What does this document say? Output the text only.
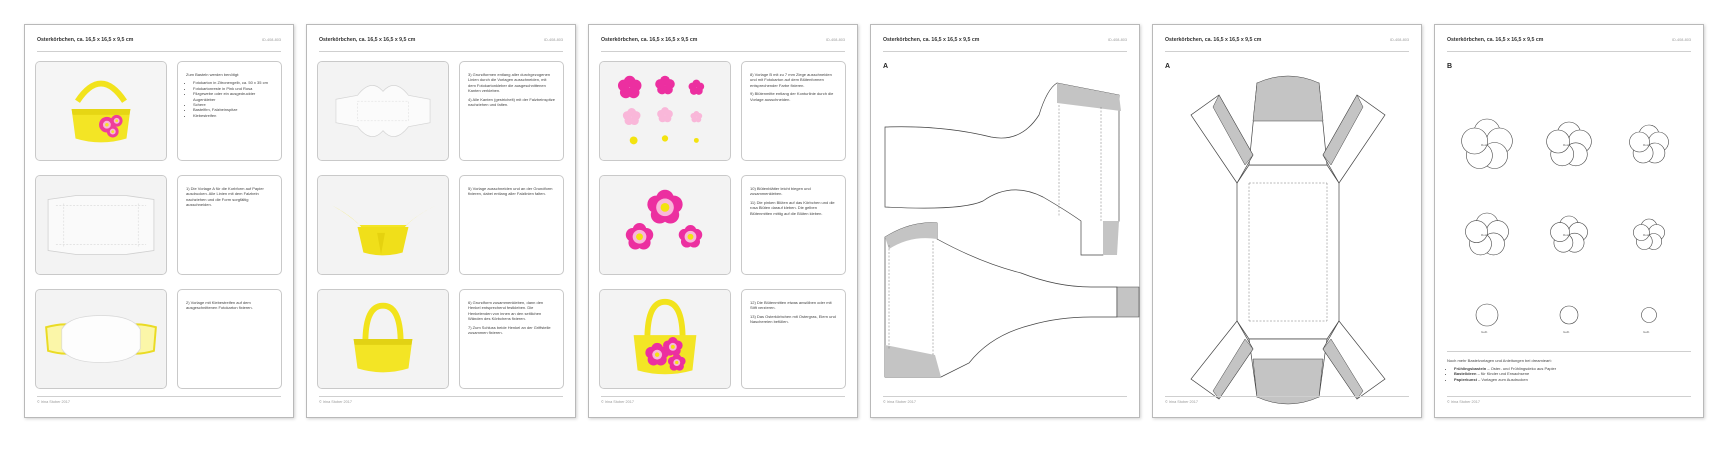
Osterkörbchen, ca. 16,5 x 16,5 x 9,5 cm	ID-408-803

Zum Basteln werden benötigt:

• Fotokarton in Zitronengelb, ca. 50 x 35 cm
• Fotokartonreste in Pink und Rosa
• Filzgewebe oder ein ausgedruckter Augenkleber
• Schere
• Bastelfirn, Falzbeinspitze
• Klebestreifen

1) Die Vorlage A für die Korbform auf Papier ausdrucken. Alle Linien mit dem Falzbein nachziehen und die Form sorgfältig ausschneiden.

2) Vorlage mit Klebestreifen auf dem ausgeschnittenen Fotokarton fixieren.

© Irina Stober 2017
Osterkörbchen, ca. 16,5 x 16,5 x 9,5 cm	ID-408-803

3) Grundformen entlang aller durchgezogenen Linien durch die Vorlagen ausschneiden, mit dem Fotokartonkleber die ausgeschnittenen Kanten verkleben.

4) Alle Kanten (gestrichelt) mit der Falzbeinspitze nachziehen und falten.

5) Vorlage ausschneiden und an der Grundform fixieren, dabei entlang aller Falzlinien falten.

6) Grundform zusammenkleben, dann den Henkel entsprechend festkleben. Die Henkelenden von innen an den seitlichen Wänden des Körbchens fixieren.

7) Zum Schluss beide Henkel an der Griffstelle zusammen fixieren.

© Irina Stober 2017
Osterkörbchen, ca. 16,5 x 16,5 x 9,5 cm	ID-408-803

8) Vorlage B mit zu 7 mm Ziege ausschneiden und mit Fotokarton auf dem Blütenformen entsprechender Farbe fixieren.

9) Blütenmitte entlang der Konturlinie durch die Vorlage ausschneiden.

10) Blütenblätter leicht biegen und zusammenkleben.

11) Die pinken Blüten auf das Körbchen und die rosa Blüten darauf kleben. Die gelben Blütenmitten mittig auf die Blüten kleben.

12) Die Blütenmitten etwas anwölben oder mit Stift verzieren.

13) Das Osterkörbchen mit Ostergras, Eiern und Naschereien befüllen.

© Irina Stober 2017
Osterkörbchen, ca. 16,5 x 16,5 x 9,5 cm	ID-408-803
A
© Irina Stober 2017
Osterkörbchen, ca. 16,5 x 16,5 x 9,5 cm	ID-408-803
A
© Irina Stober 2017
Osterkörbchen, ca. 16,5 x 16,5 x 9,5 cm	ID-408-803
B
Rosa	Rosa	Rosa
Rosa	Rosa	Rosa
Gelb	Gelb	Gelb

Noch mehr Bastelvorlagen und Anleitungen bei dreamieart:

• Frühlingsbasteln – Oster- und Frühlingsdeko aus Papier
• Bastelideen – für Kinder und Erwachsene
• Papierkunst – Vorlagen zum Ausdrucken
© Irina Stober 2017
